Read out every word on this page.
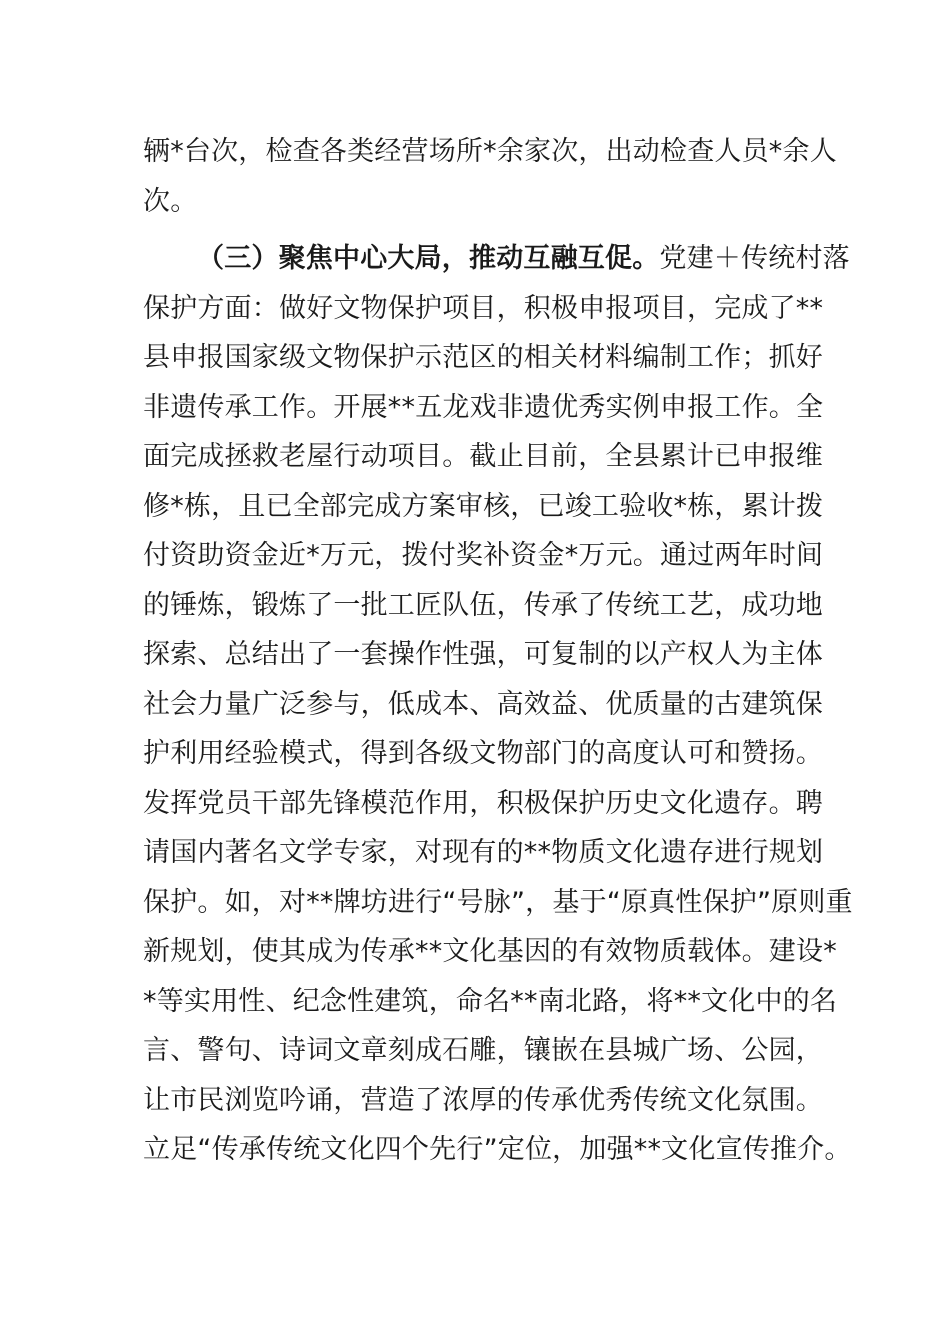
辆*台次，检查各类经营场所*余家次，出动检查人员*余人
次。
（三）聚焦中心大局，推动互融互促。党建＋传统村落
保护方面：做好文物保护项目，积极申报项目，完成了**
县申报国家级文物保护示范区的相关材料编制工作；抓好
非遗传承工作。开展**五龙戏非遗优秀实例申报工作。全
面完成拯救老屋行动项目。截止目前，全县累计已申报维
修*栋，且已全部完成方案审核，已竣工验收*栋，累计拨
付资助资金近*万元，拨付奖补资金*万元。通过两年时间
的锤炼，锻炼了一批工匠队伍，传承了传统工艺，成功地
探索、总结出了一套操作性强，可复制的以产权人为主体
社会力量广泛参与，低成本、高效益、优质量的古建筑保
护利用经验模式，得到各级文物部门的高度认可和赞扬。
发挥党员干部先锋模范作用，积极保护历史文化遗存。聘
请国内著名文学专家，对现有的**物质文化遗存进行规划
保护。如，对**牌坊进行“号脉”，基于“原真性保护”原则重
新规划，使其成为传承**文化基因的有效物质载体。建设*
*等实用性、纪念性建筑，命名**南北路，将**文化中的名
言、警句、诗词文章刻成石雕，镶嵌在县城广场、公园，
让市民浏览吟诵，营造了浓厚的传承优秀传统文化氛围。
立足“传承传统文化四个先行”定位，加强**文化宣传推介。
